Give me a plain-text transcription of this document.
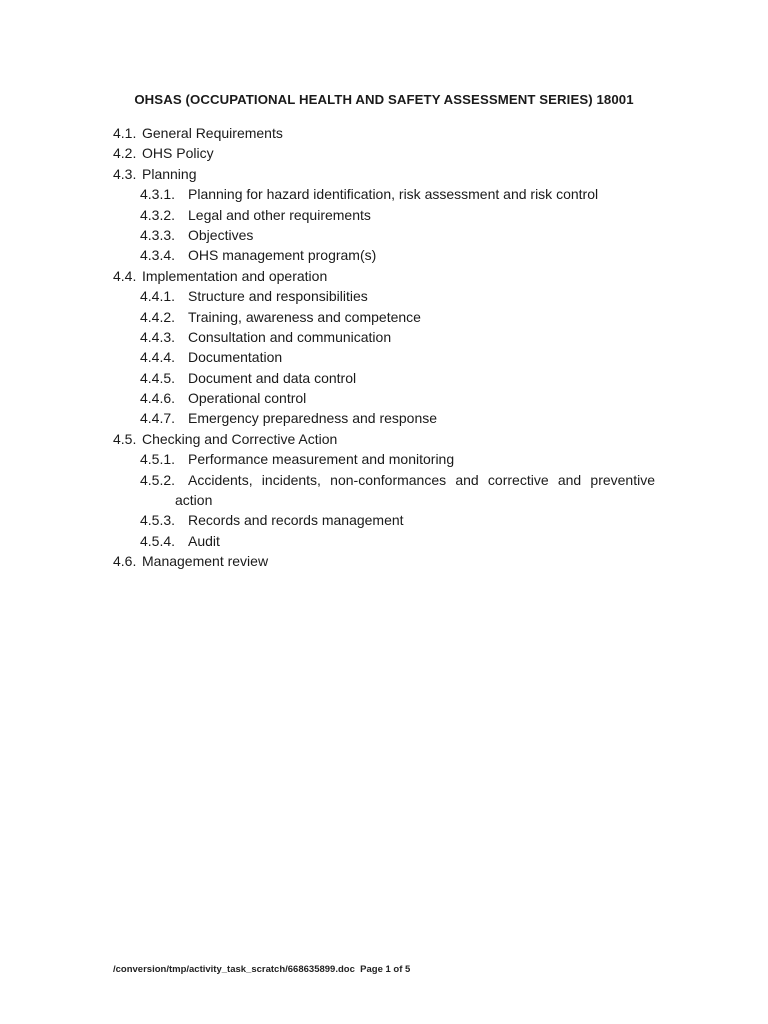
OHSAS (OCCUPATIONAL HEALTH AND SAFETY ASSESSMENT SERIES) 18001
4.1. General Requirements
4.2. OHS Policy
4.3. Planning
4.3.1. Planning for hazard identification, risk assessment and risk control
4.3.2. Legal and other requirements
4.3.3. Objectives
4.3.4. OHS management program(s)
4.4. Implementation and operation
4.4.1. Structure and responsibilities
4.4.2. Training, awareness and competence
4.4.3. Consultation and communication
4.4.4. Documentation
4.4.5. Document and data control
4.4.6. Operational control
4.4.7. Emergency preparedness and response
4.5. Checking and Corrective Action
4.5.1. Performance measurement and monitoring
4.5.2. Accidents, incidents, non-conformances and corrective and preventive
action
4.5.3. Records and records management
4.5.4. Audit
4.6. Management review
/conversion/tmp/activity_task_scratch/668635899.doc Page 1 of 5
